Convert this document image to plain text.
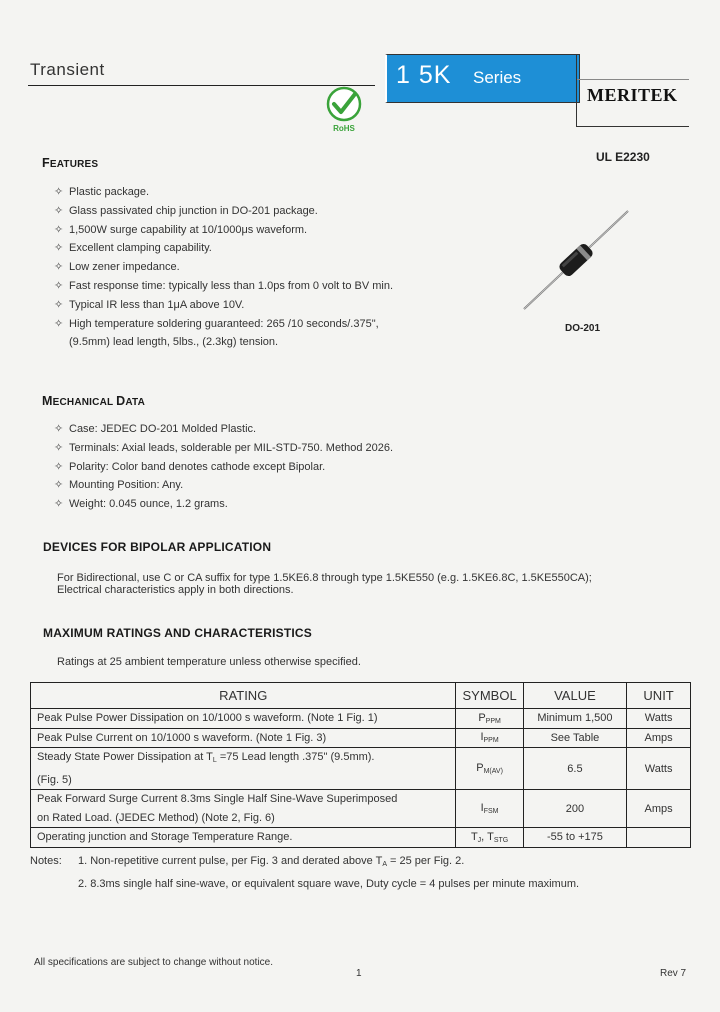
Transient	1 5K Series
MERITEK
RoHS
FEATURES
UL E2230
✧ Plastic package.
✧ Glass passivated chip junction in DO-201 package.
✧ 1,500W surge capability at 10/1000μs waveform.
✧ Excellent clamping capability.
✧ Low zener impedance.
✧ Fast response time: typically less than 1.0ps from 0 volt to BV min.
✧ Typical IR less than 1μA above 10V.
✧ High temperature soldering guaranteed: 265 /10 seconds/.375",
(9.5mm) lead length, 5lbs., (2.3kg) tension.
DO-201
MECHANICAL DATA
✧ Case: JEDEC DO-201 Molded Plastic.
✧ Terminals: Axial leads, solderable per MIL-STD-750. Method 2026.
✧ Polarity: Color band denotes cathode except Bipolar.
✧ Mounting Position: Any.
✧ Weight: 0.045 ounce, 1.2 grams.
DEVICES FOR BIPOLAR APPLICATION
For Bidirectional, use C or CA suffix for type 1.5KE6.8 through type 1.5KE550 (e.g. 1.5KE6.8C, 1.5KE550CA);
Electrical characteristics apply in both directions.
MAXIMUM RATINGS AND CHARACTERISTICS
Ratings at 25 ambient temperature unless otherwise specified.
RATING	SYMBOL	VALUE	UNIT
Peak Pulse Power Dissipation on 10/1000 s waveform. (Note 1 Fig. 1)	$P_{PPM}$	Minimum 1,500	Watts
Peak Pulse Current on 10/1000 s waveform. (Note 1 Fig. 3)	$I_{PPM}$	See Table	Amps
Steady State Power Dissipation at $T_L =75$ Lead length .375" (9.5mm).
(Fig. 5)	$P_{M(AV)}$	6.5	Watts
Peak Forward Surge Current 8.3ms Single Half Sine-Wave Superimposed
on Rated Load. (JEDEC Method) (Note 2, Fig. 6)	$I_{FSM}$	200	Amps
Operating junction and Storage Temperature Range.	$T_J$, $T_{STG}$	-55 to +175	
Notes: 1. Non-repetitive current pulse, per Fig. 3 and derated above $T_A = 25$ per Fig. 2.
2. 8.3ms single half sine-wave, or equivalent square wave, Duty cycle = 4 pulses per minute maximum.
All specifications are subject to change without notice.
1	Rev 7
